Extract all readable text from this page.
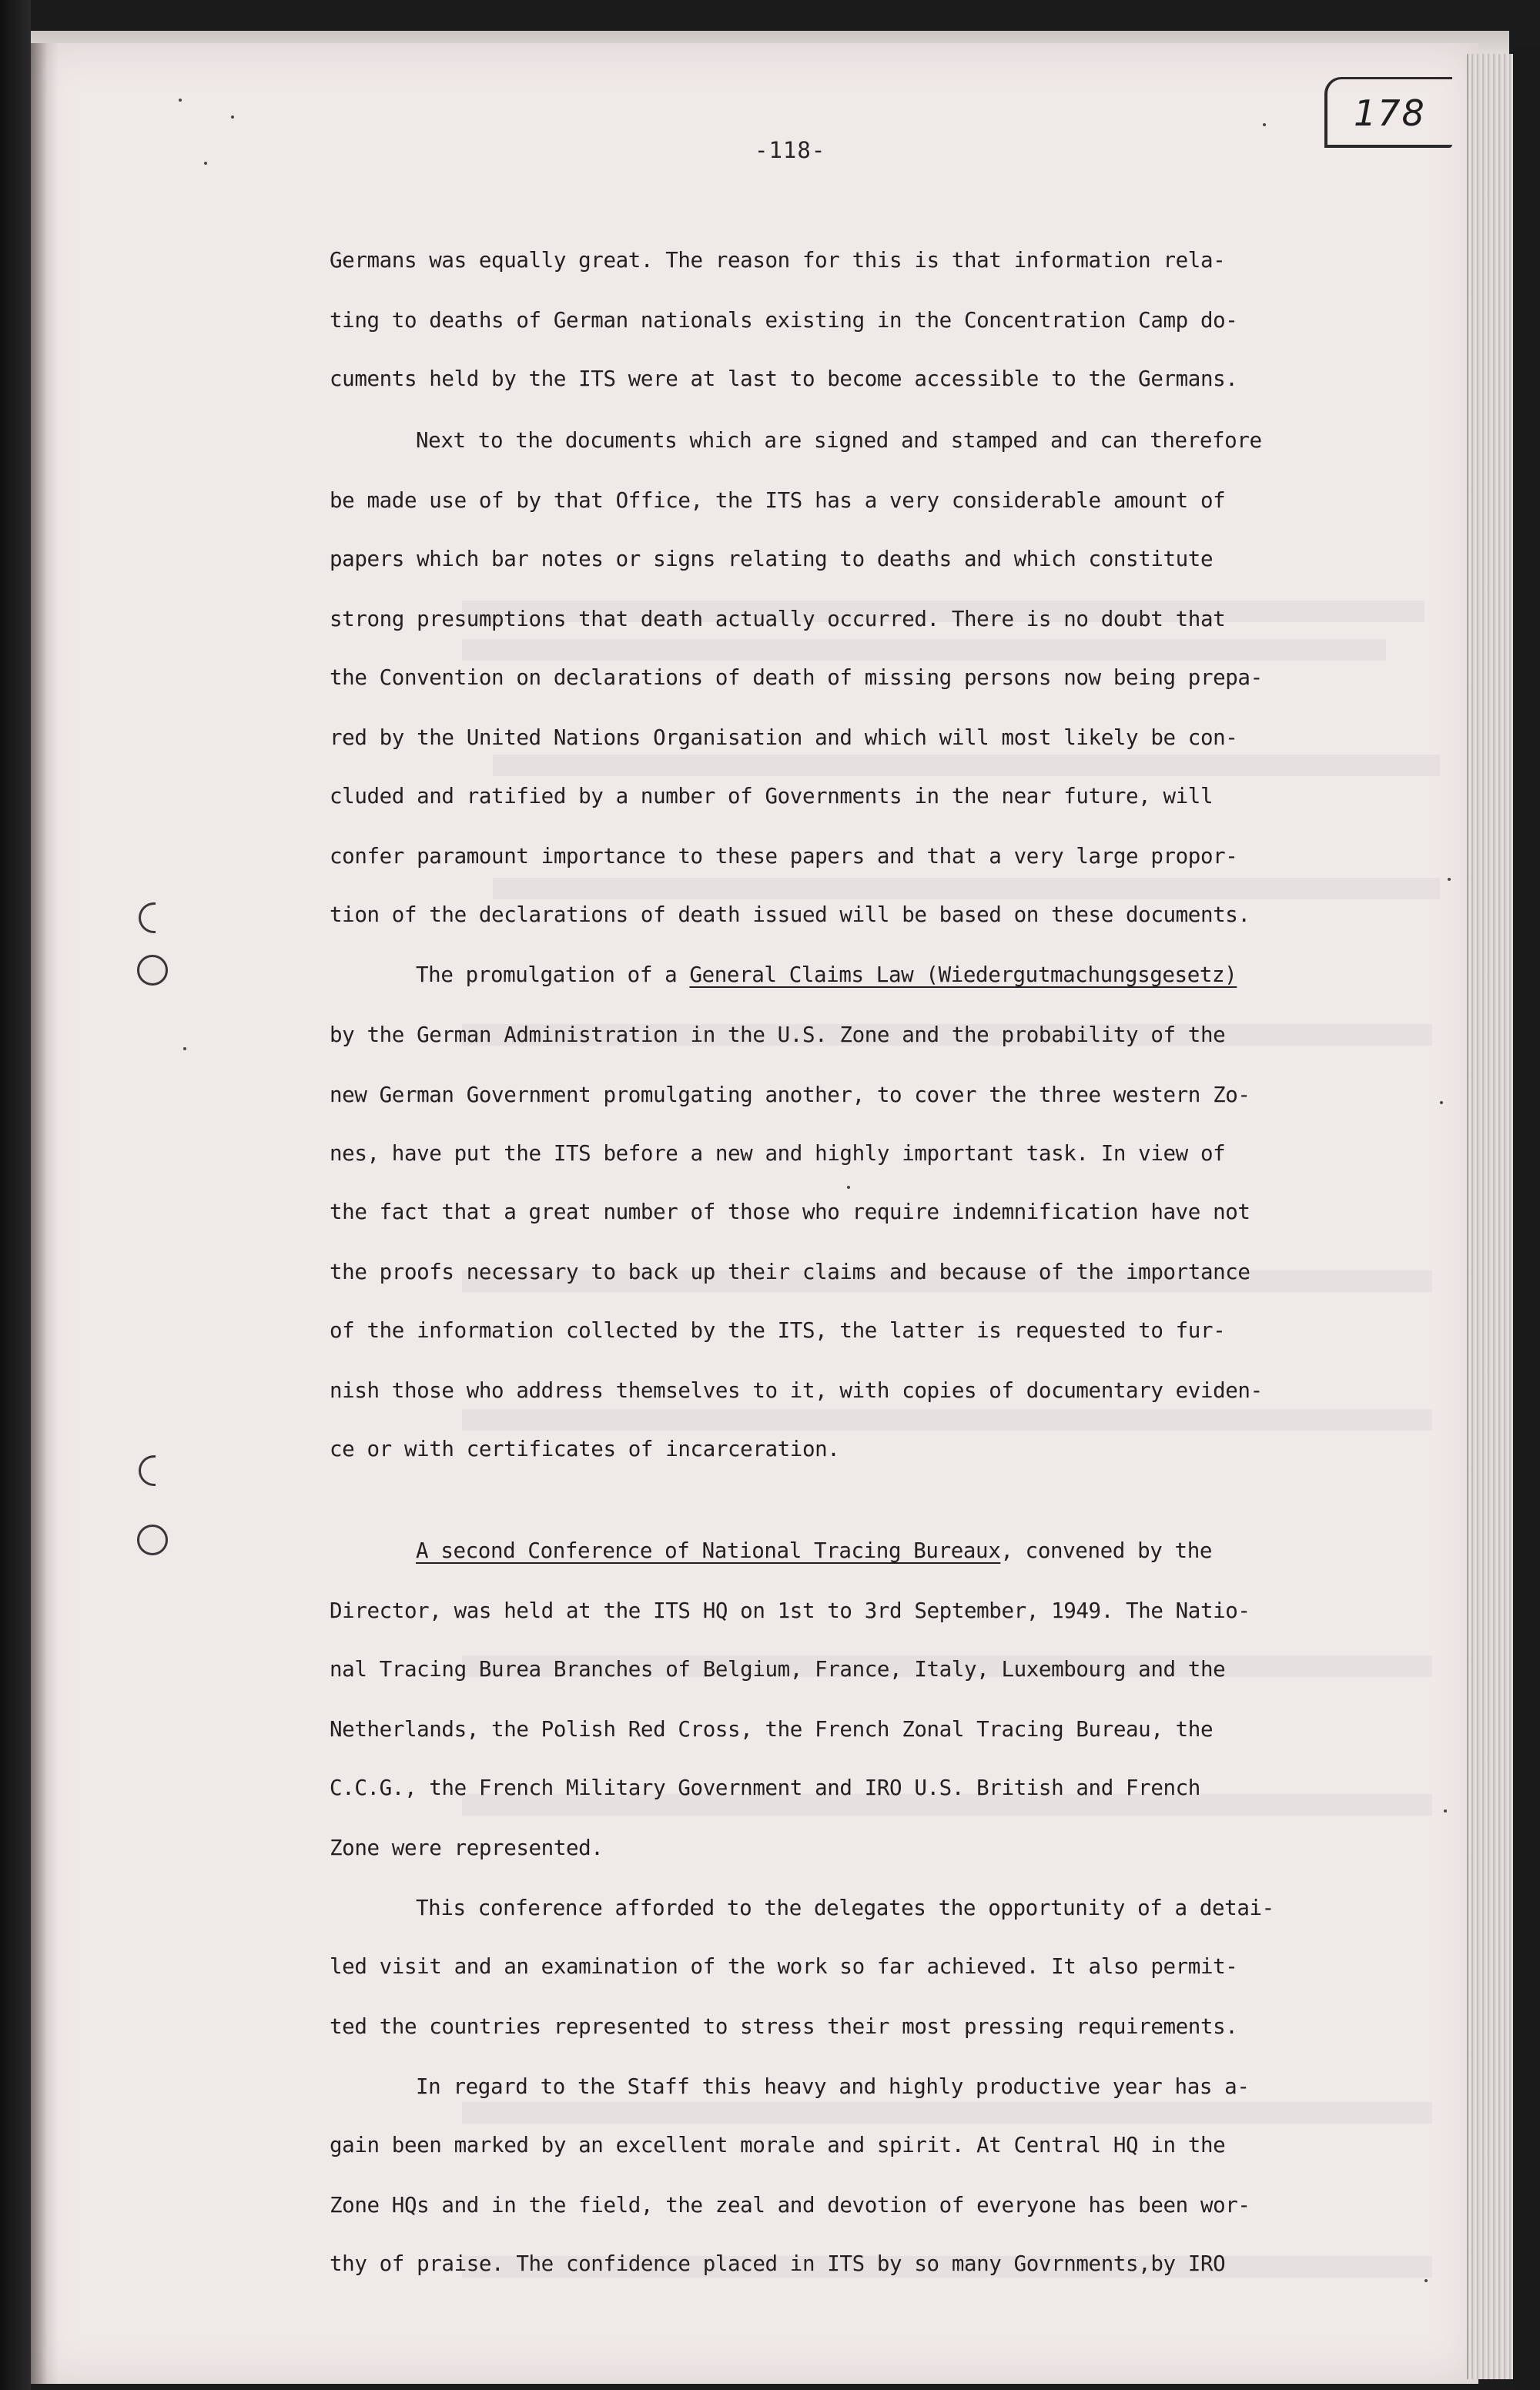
-118-
178
Germans was equally great. The reason for this is that information rela-
ting to deaths of German nationals existing in the Concentration Camp do-
cuments held by the ITS were at last to become accessible to the Germans.
Next to the documents which are signed and stamped and can therefore
be made use of by that Office, the ITS has a very considerable amount of
papers which bar notes or signs relating to deaths and which constitute
strong presumptions that death actually occurred. There is no doubt that
the Convention on declarations of death of missing persons now being prepa-
red by the United Nations Organisation and which will most likely be con-
cluded and ratified by a number of Governments in the near future, will
confer paramount importance to these papers and that a very large propor-
tion of the declarations of death issued will be based on these documents.
The promulgation of a General Claims Law (Wiedergutmachungsgesetz)
by the German Administration in the U.S. Zone and the probability of the
new German Government promulgating another, to cover the three western Zo-
nes, have put the ITS before a new and highly important task. In view of
the fact that a great number of those who require indemnification have not
the proofs necessary to back up their claims and because of the importance
of the information collected by the ITS, the latter is requested to fur-
nish those who address themselves to it, with copies of documentary eviden-
ce or with certificates of incarceration.
A second Conference of National Tracing Bureaux, convened by the
Director, was held at the ITS HQ on 1st to 3rd September, 1949. The Natio-
nal Tracing Burea Branches of Belgium, France, Italy, Luxembourg and the
Netherlands, the Polish Red Cross, the French Zonal Tracing Bureau, the
C.C.G., the French Military Government and IRO U.S. British and French
Zone were represented.
This conference afforded to the delegates the opportunity of a detai-
led visit and an examination of the work so far achieved. It also permit-
ted the countries represented to stress their most pressing requirements.
In regard to the Staff this heavy and highly productive year has a-
gain been marked by an excellent morale and spirit. At Central HQ in the
Zone HQs and in the field, the zeal and devotion of everyone has been wor-
thy of praise. The confidence placed in ITS by so many Govrnments,by IRO
